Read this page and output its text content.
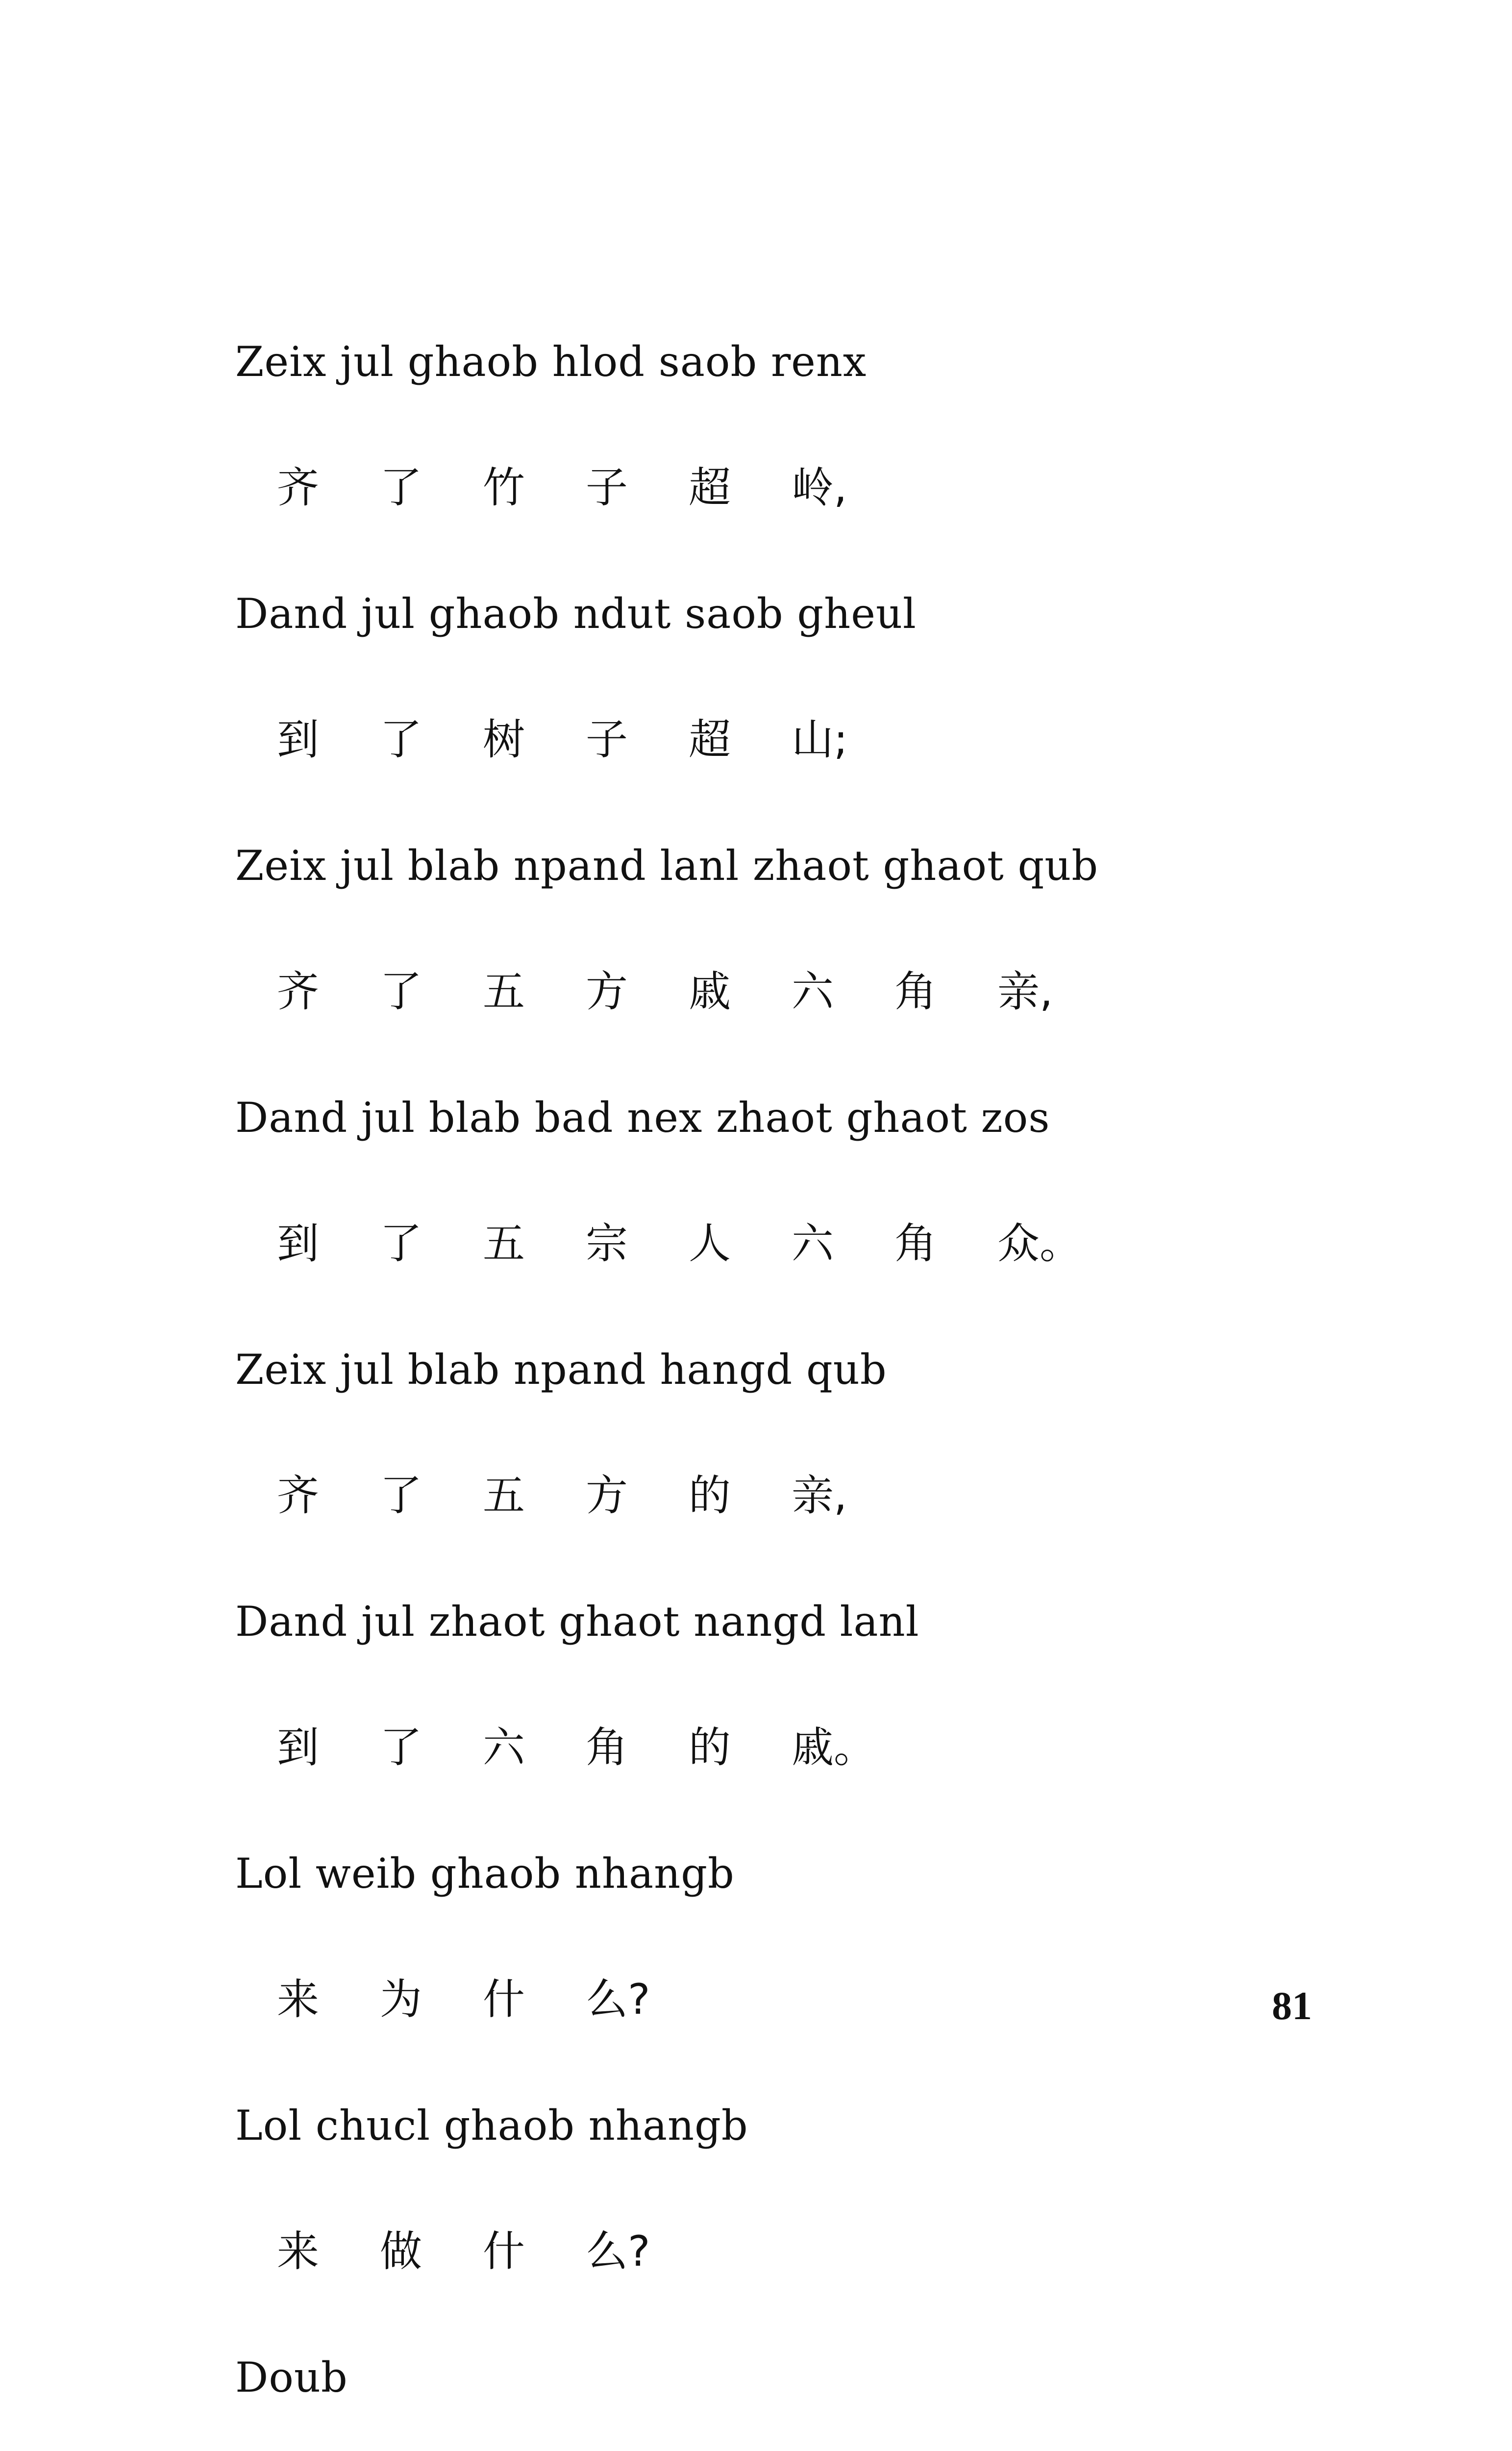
Zeix jul ghaob hlod saob renx
齐 了 竹 子 超 岭,
Dand jul ghaob ndut saob gheul
到 了 树 子 超 山;
Zeix jul blab npand lanl zhaot ghaot qub
齐 了 五 方 戚 六 角 亲,
Dand jul blab bad nex zhaot ghaot zos
到 了 五 宗 人 六 角 众。
Zeix jul blab npand hangd qub
齐 了 五 方 的 亲,
Dand jul zhaot ghaot nangd lanl
到 了 六 角 的 戚。
Lol weib ghaob nhangb
来 为 什 么?
Lol chucl ghaob nhangb
来 做 什 么?
Doub
81
